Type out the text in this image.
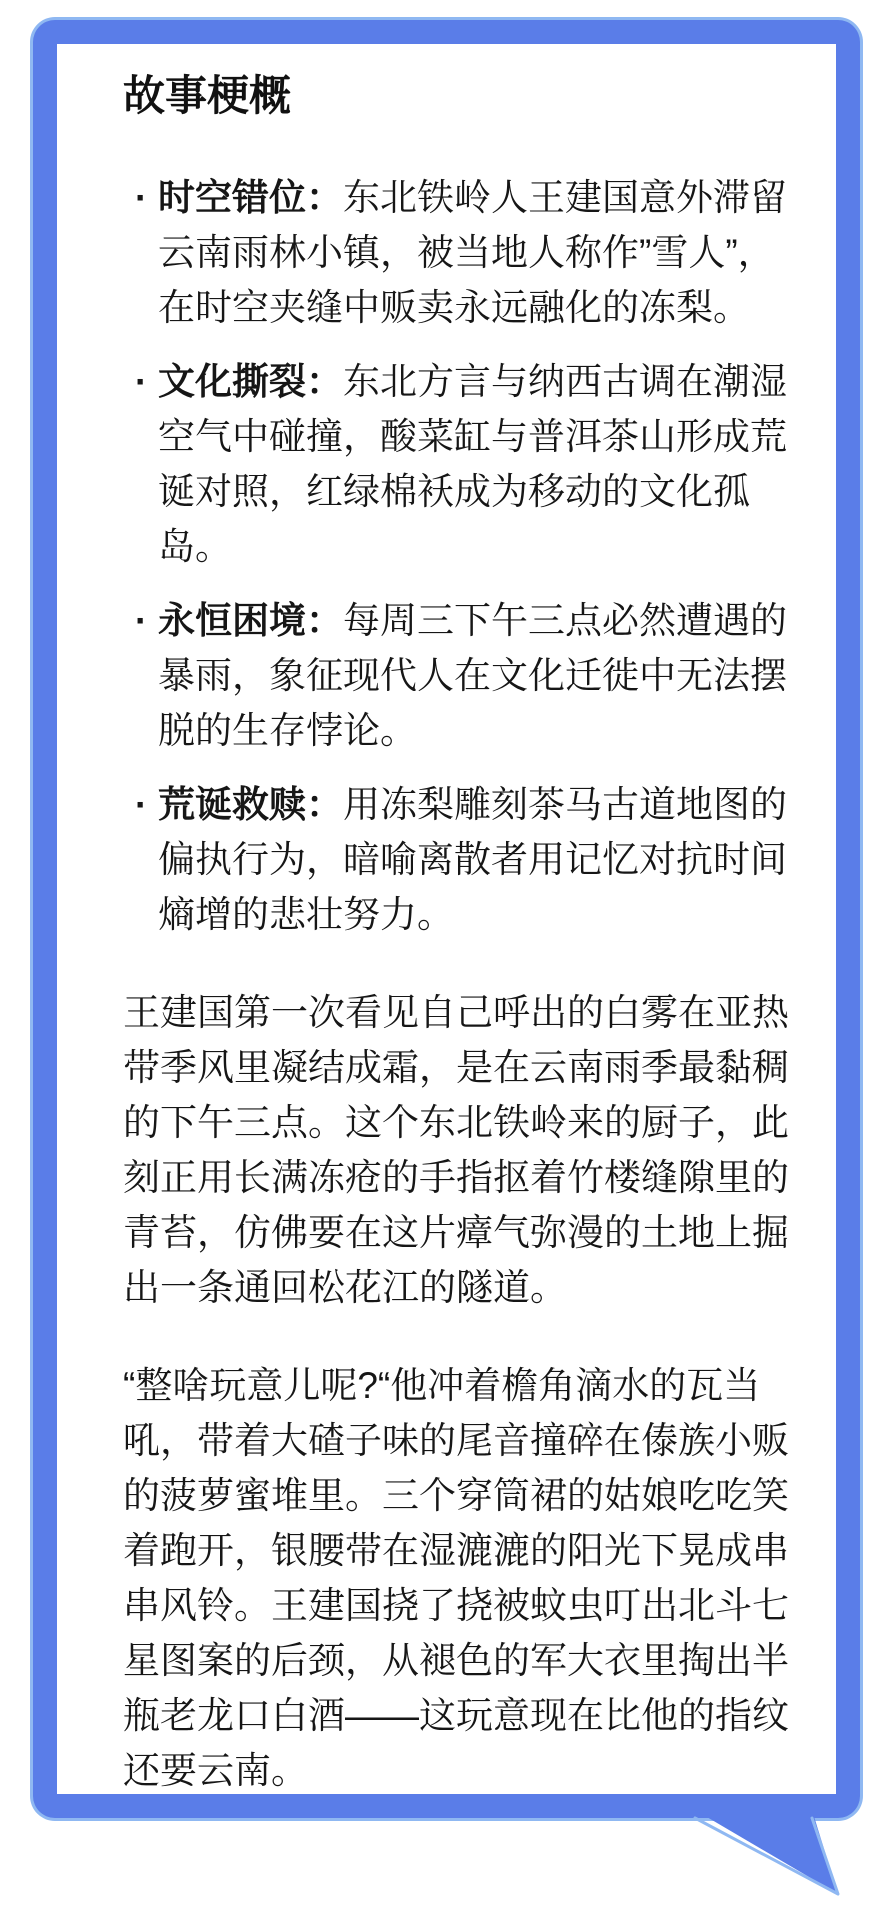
故事梗概
· 时空错位：东北铁岭人王建国意外滞留云南雨林小镇，被当地人称作”雪人”，在时空夹缝中贩卖永远融化的冻梨。
· 文化撕裂：东北方言与纳西古调在潮湿空气中碰撞，酸菜缸与普洱茶山形成荒诞对照，红绿棉袄成为移动的文化孤岛。
· 永恒困境：每周三下午三点必然遭遇的暴雨，象征现代人在文化迁徙中无法摆脱的生存悖论。
· 荒诞救赎：用冻梨雕刻茶马古道地图的偏执行为，暗喻离散者用记忆对抗时间熵增的悲壮努力。

王建国第一次看见自己呼出的白雾在亚热带季风里凝结成霜，是在云南雨季最黏稠的下午三点。这个东北铁岭来的厨子，此刻正用长满冻疮的手指抠着竹楼缝隙里的青苔，仿佛要在这片瘴气弥漫的土地上掘出一条通回松花江的隧道。

“整啥玩意儿呢?“他冲着檐角滴水的瓦当吼，带着大碴子味的尾音撞碎在傣族小贩的菠萝蜜堆里。三个穿筒裙的姑娘吃吃笑着跑开，银腰带在湿漉漉的阳光下晃成串串风铃。王建国挠了挠被蚊虫叮出北斗七星图案的后颈，从褪色的军大衣里掏出半瓶老龙口白酒——这玩意现在比他的指纹还要云南。
